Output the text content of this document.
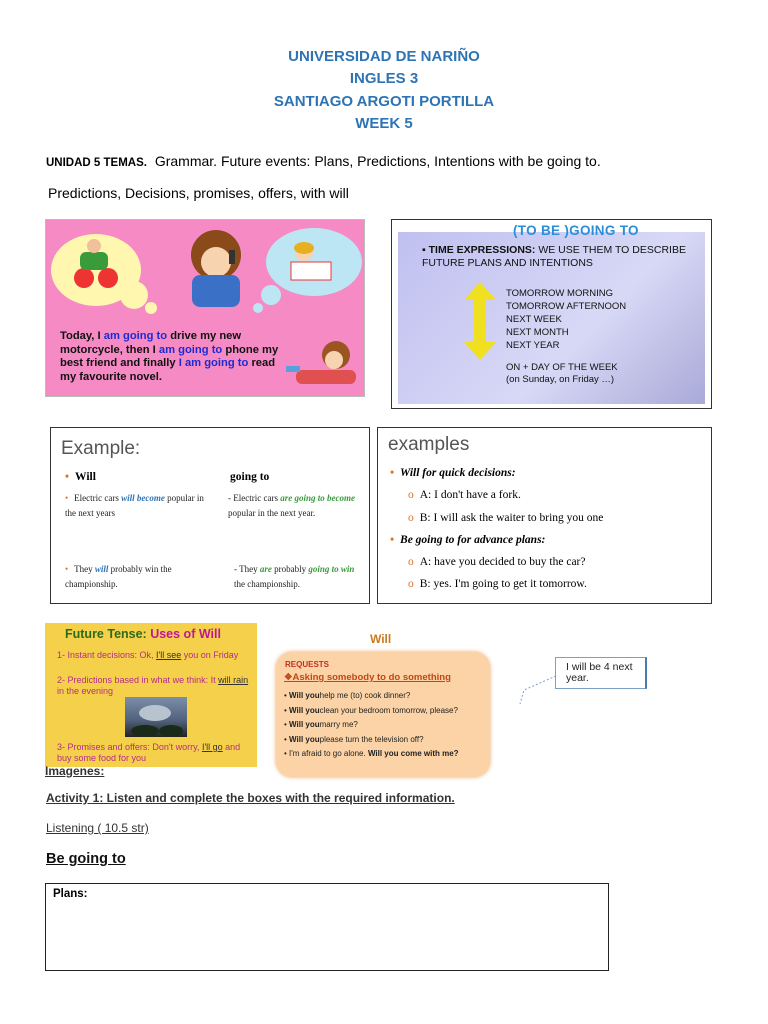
UNIVERSIDAD DE NARIÑO
INGLES 3
SANTIAGO ARGOTI PORTILLA
WEEK 5
UNIDAD 5 TEMAS. Grammar. Future events: Plans, Predictions, Intentions with be going to.
Predictions, Decisions, promises, offers, with will
Today, I am going to drive my new motorcycle, then I am going to phone my best friend and finally I am going to read my favourite novel.
(TO BE )GOING TO
▪ TIME EXPRESSIONS: WE USE THEM TO DESCRIBE FUTURE PLANS AND INTENTIONS
TOMORROW MORNING
TOMORROW AFTERNOON
NEXT WEEK
NEXT MONTH
NEXT YEAR
ON + DAY OF THE WEEK
(on Sunday, on Friday …)
Example:
• Will	going to
• Electric cars will become popular in the next years
- Electric cars are going to become popular in the next year.
• They will probably win the championship.
- They are probably going to win the championship.
examples
• Will for quick decisions:
o A: I don't have a fork.
o B: I will ask the waiter to bring you one
• Be going to for advance plans:
o A: have you decided to buy the car?
o B: yes. I'm going to get it tomorrow.
Future Tense: Uses of Will
1- Instant decisions: Ok, I'll see you on Friday
2- Predictions based in what we think: It will rain in the evening
3- Promises and offers: Don't worry, I'll go and buy some food for you
Will
REQUESTS
❖Asking somebody to do something
• Will youhelp me (to) cook dinner?
• Will youclean your bedroom tomorrow, please?
• Will youmarry me?
• Will youplease turn the television off?
• I'm afraid to go alone. Will you come with me?
I will be 4 next year.
Imagenes:
Activity 1: Listen and complete the boxes with the required information.
Listening ( 10.5 str)
Be going to
Plans:
